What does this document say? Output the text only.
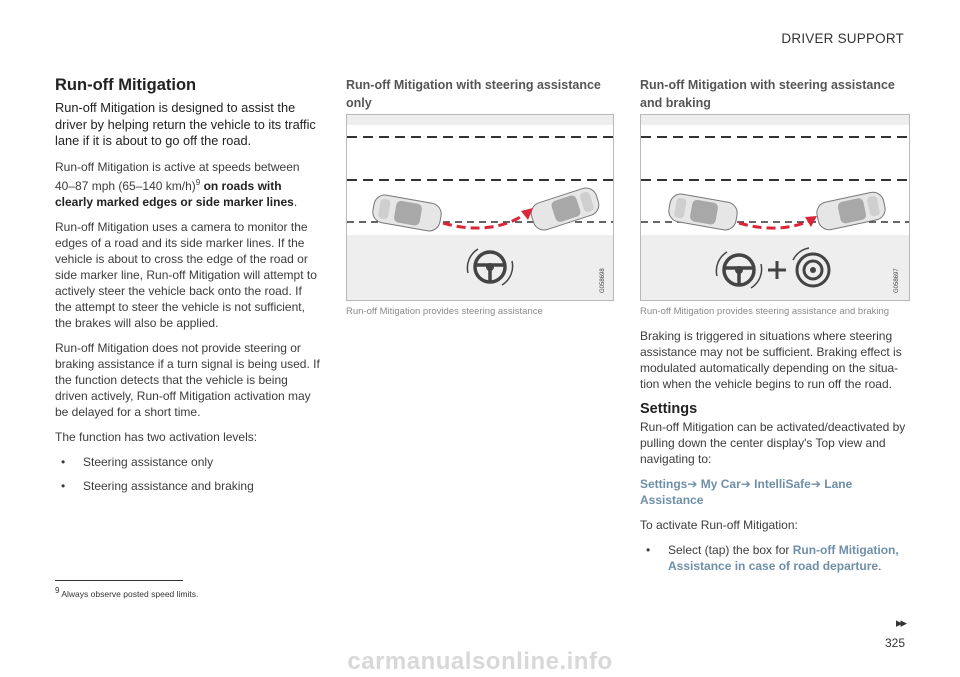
DRIVER SUPPORT
Run-off Mitigation

Run-off Mitigation is designed to assist the driver by helping return the vehicle to its traffic lane if it is about to go off the road.

Run-off Mitigation is active at speeds between 40–87 mph (65–140 km/h)$^9$ on roads with clearly marked edges or side marker lines.

Run-off Mitigation uses a camera to monitor the edges of a road and its side marker lines. If the vehicle is about to cross the edge of the road or side marker line, Run-off Mitigation will attempt to actively steer the vehicle back onto the road. If the attempt to steer the vehicle is not sufficient, the brakes will also be applied.

Run-off Mitigation does not provide steering or braking assistance if a turn signal is being used. If the function detects that the vehicle is being driven actively, Run-off Mitigation activation may be delayed for a short time.

The function has two activation levels:

•	Steering assistance only
•	Steering assistance and braking
Run-off Mitigation with steering assistance only
G058698
Run-off Mitigation provides steering assistance
Run-off Mitigation with steering assistance and braking
G058697
Run-off Mitigation provides steering assistance and braking

Braking is triggered in situations where steering assistance may not be sufficient. Braking effect is modulated automatically depending on the situa-tion when the vehicle begins to run off the road.

Settings

Run-off Mitigation can be activated/deactivated by pulling down the center display's Top view and navigating to:

Settings➔ My Car➔ IntelliSafe➔ Lane Assistance

To activate Run-off Mitigation:

•	Select (tap) the box for Run-off Mitigation, Assistance in case of road departure.
$^9$ Always observe posted speed limits.
▸▸
325
carmanualsonline.info
